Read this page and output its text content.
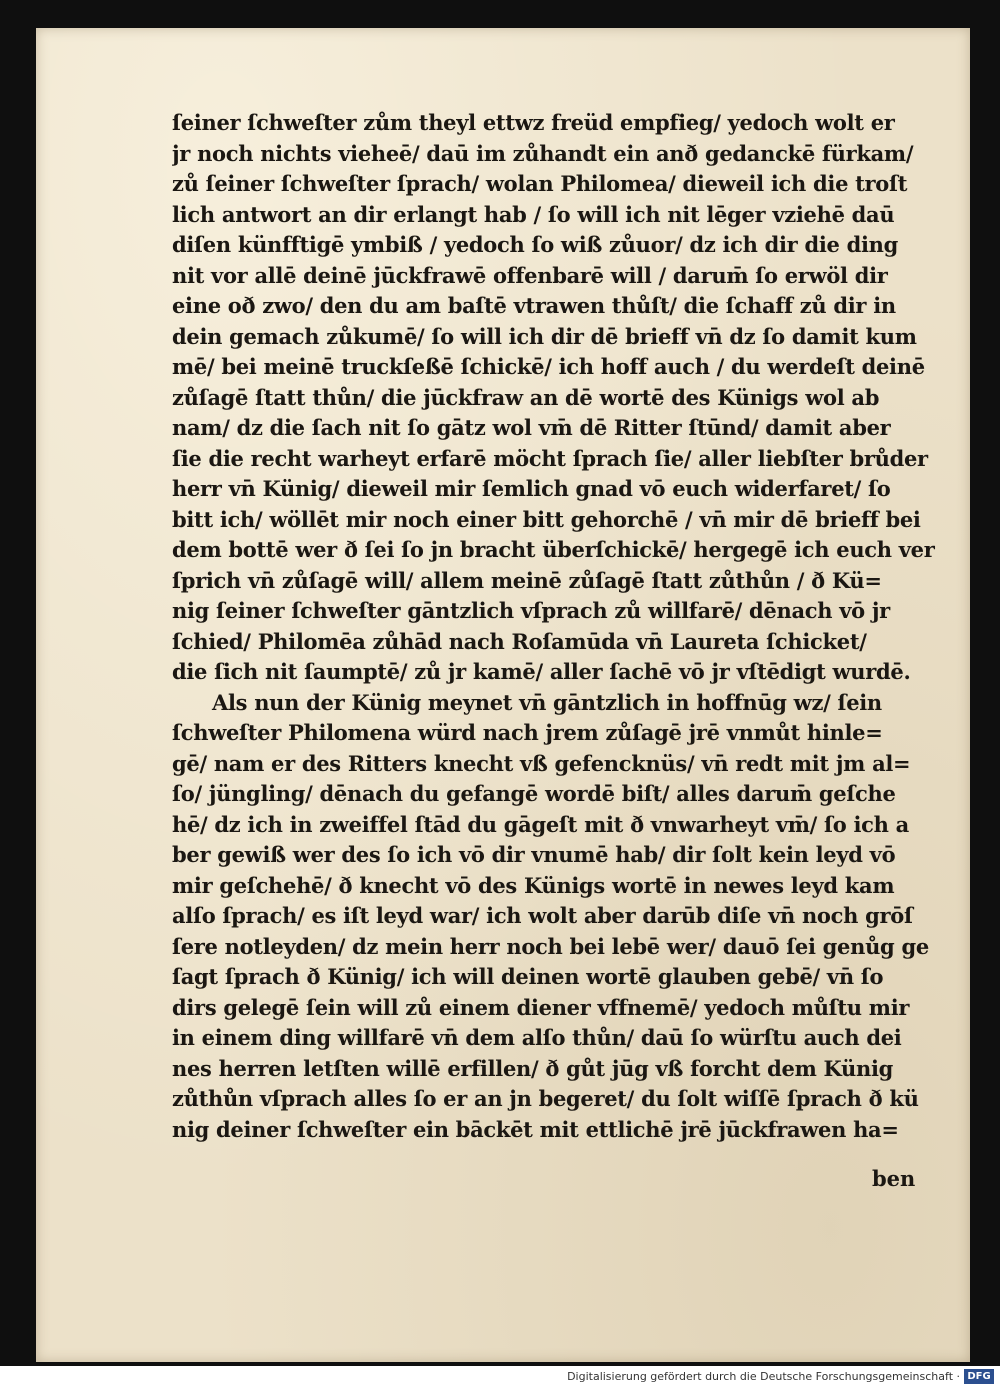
ſeiner ſchweſter zům theyl ettwz freüd empfieg/ yedoch wolt er
jr noch nichts vieheē/ daū im zůhandt ein anð gedanckē fürkam/
zů ſeiner ſchweſter ſprach/ wolan Philomea/ dieweil ich die troſt
lich antwort an dir erlangt hab / ſo will ich nit lēger vziehē daū
diſen künfftigē ymbiß / yedoch ſo wiß zůuor/ dz ich dir die ding
nit vor allē deinē jūckfrawē offenbarē will / darum̄ ſo erwöl dir
eine oð zwo/ den du am baſtē vtrawen thůſt/ die ſchaff zů dir in
dein gemach zůkumē/ ſo will ich dir dē brieff vn̄ dz ſo damit kum
mē/ bei meinē truckſeßē ſchickē/ ich hoff auch / du werdeſt deinē
zůſagē ſtatt thůn/ die jūckfraw an dē wortē des Künigs wol ab
nam/ dz die ſach nit ſo gātz wol vm̄ dē Ritter ſtūnd/ damit aber
ſie die recht warheyt erfarē möcht ſprach ſie/ aller liebſter brůder
herr vn̄ Künig/ dieweil mir ſemlich gnad vō euch widerfaret/ ſo
bitt ich/ wöllēt mir noch einer bitt gehorchē / vn̄ mir dē brieff bei
dem bottē wer ð ſei ſo jn bracht überſchickē/ hergegē ich euch ver
ſprich vn̄ zůſagē will/ allem meinē zůſagē ſtatt zůthůn / ð Kü=
nig ſeiner ſchweſter gāntzlich vſprach zů willfarē/ dēnach vō jr
ſchied/ Philomēa zůhād nach Roſamūda vn̄ Laureta ſchicket/
die ſich nit ſaumptē/ zů jr kamē/ aller ſachē vō jr vſtēdigt wurdē.
Als nun der Künig meynet vn̄ gāntzlich in hoffnūg wz/ ſein
ſchweſter Philomena würd nach jrem zůſagē jrē vnmůt hinle=
gē/ nam er des Ritters knecht vß gefencknüs/ vn̄ redt mit jm al=
ſo/ jüngling/ dēnach du gefangē wordē biſt/ alles darum̄ geſche
hē/ dz ich in zweiffel ſtād du gāgeſt mit ð vnwarheyt vm̄/ ſo ich a
ber gewiß wer des ſo ich vō dir vnumē hab/ dir ſolt kein leyd vō
mir geſchehē/ ð knecht vō des Künigs wortē in newes leyd kam
alſo ſprach/ es iſt leyd war/ ich wolt aber darūb diſe vn̄ noch grōſ
ſere notleyden/ dz mein herr noch bei lebē wer/ dauō ſei genůg ge
ſagt ſprach ð Künig/ ich will deinen wortē glauben gebē/ vn̄ ſo
dirs gelegē ſein will zů einem diener vffnemē/ yedoch můſtu mir
in einem ding willfarē vn̄ dem alſo thůn/ daū ſo würſtu auch dei
nes herren letſten willē erfillen/ ð gůt jūg vß forcht dem Künig
zůthůn vſprach alles ſo er an jn begeret/ du ſolt wiſſē ſprach ð kü
nig deiner ſchweſter ein bāckēt mit ettlichē jrē jūckfrawen ha=
ben
Digitalisierung gefördert durch die Deutsche Forschungsgemeinschaft · DFG
